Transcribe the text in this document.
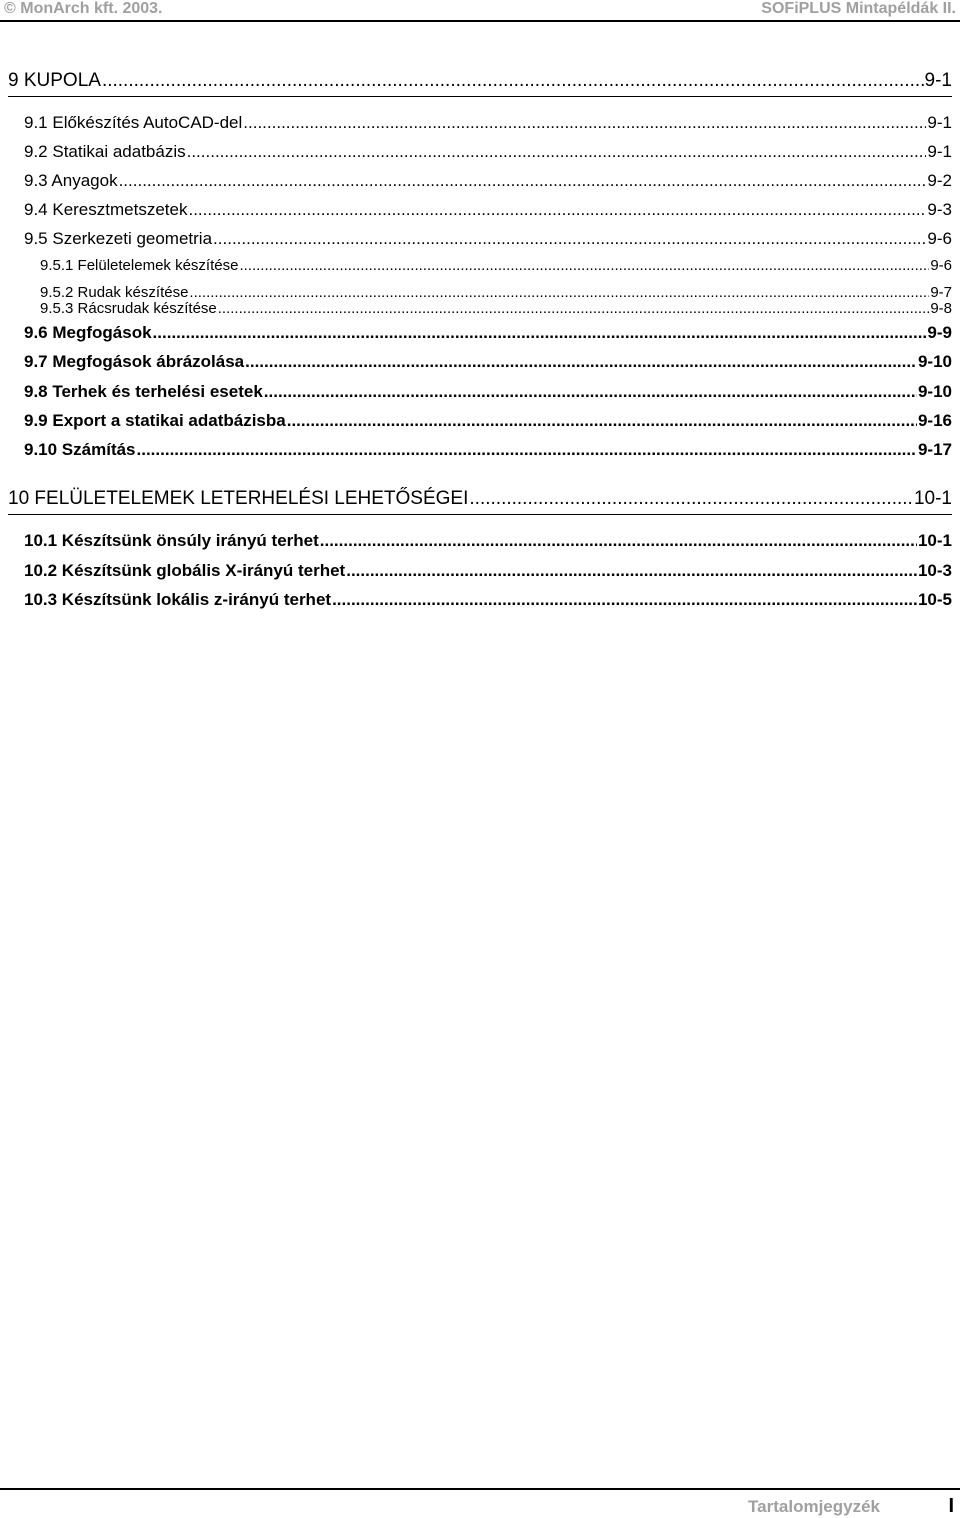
© MonArch kft. 2003.	SOFiPLUS Mintapéldák II.
9 KUPOLA .....	9-1
9.1 Előkészítés AutoCAD-del .....	9-1
9.2 Statikai adatbázis .....	9-1
9.3 Anyagok .....	9-2
9.4 Keresztmetszetek .....	9-3
9.5 Szerkezeti geometria .....	9-6
9.5.1 Felületelemek készítése .....	9-6
9.5.2 Rudak készítése .....	9-7
9.5.3 Rácsrudak készítése .....	9-8
9.6 Megfogások .....	9-9
9.7 Megfogások ábrázolása .....	9-10
9.8 Terhek és terhelési esetek .....	9-10
9.9 Export a statikai adatbázisba .....	9-16
9.10 Számítás .....	9-17
10 FELÜLETELEMEK LETERHELÉSI LEHETŐSÉGEI .....	10-1
10.1 Készítsünk önsúly irányú terhet .....	10-1
10.2 Készítsünk globális X-irányú terhet .....	10-3
10.3 Készítsünk lokális z-irányú terhet .....	10-5
Tartalomjegyzék	I
